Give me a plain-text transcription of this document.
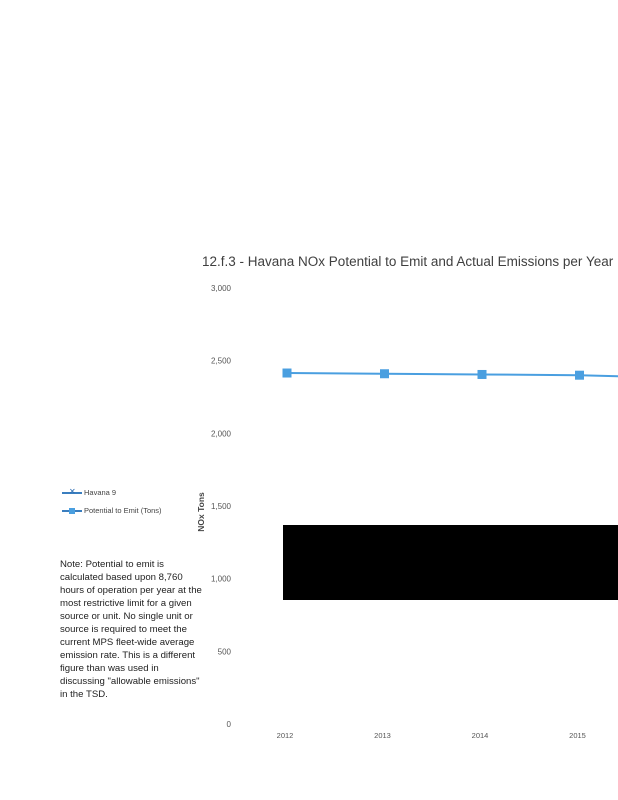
12.f.3 - Havana NOx Potential to Emit and Actual Emissions per Year
0
500
1,000
1,500
2,000
2,500
3,000
NOx Tons
2012	2013	2014	2015
✕ Havana 9
Potential to Emit (Tons)
Note: Potential to emit is calculated based upon 8,760 hours of operation per year at the most restrictive limit for a given source or unit. No single unit or source is required to meet the current MPS fleet-wide average emission rate. This is a different figure than was used in discussing "allowable emissions" in the TSD.
